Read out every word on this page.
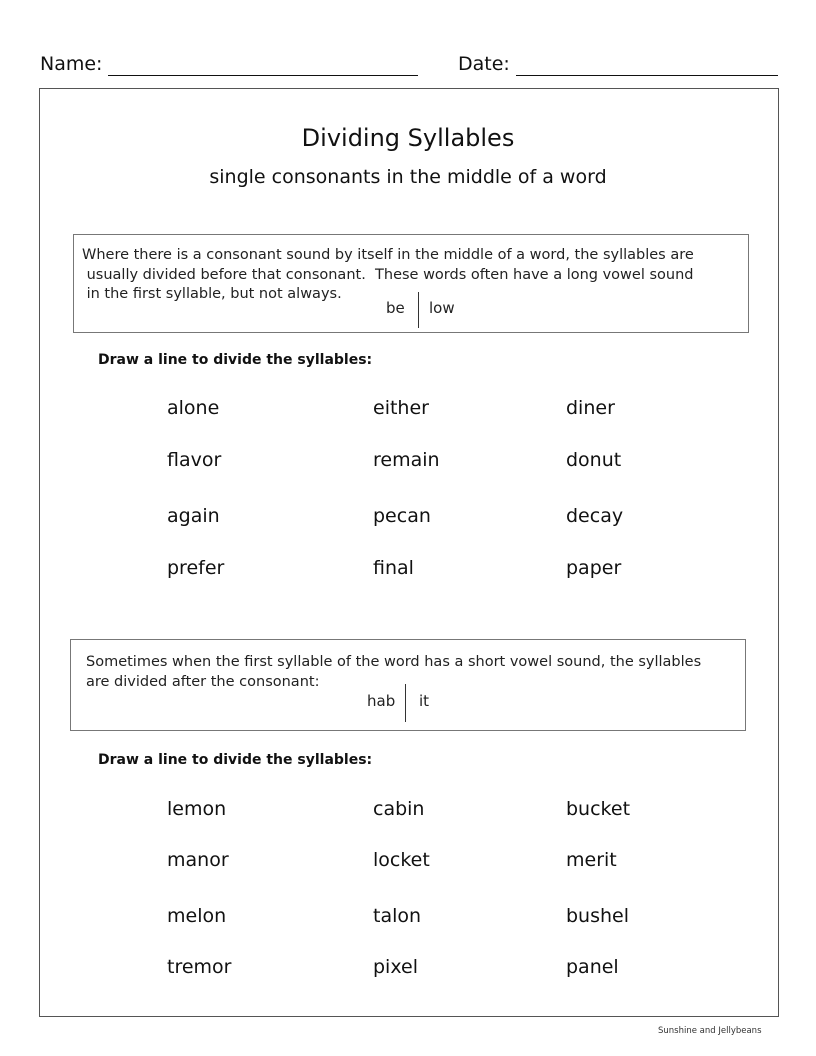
Name:	Date:
Dividing Syllables
single consonants in the middle of a word
Where there is a consonant sound by itself in the middle of a word, the syllables are
usually divided before that consonant.  These words often have a long vowel sound
in the first syllable, but not always.
be low
Draw a line to divide the syllables:
alone	either	diner
flavor	remain	donut
again	pecan	decay
prefer	final	paper
Sometimes when the first syllable of the word has a short vowel sound, the syllables
are divided after the consonant:
hab it
Draw a line to divide the syllables:
lemon	cabin	bucket
manor	locket	merit
melon	talon	bushel
tremor	pixel	panel
Sunshine and Jellybeans
